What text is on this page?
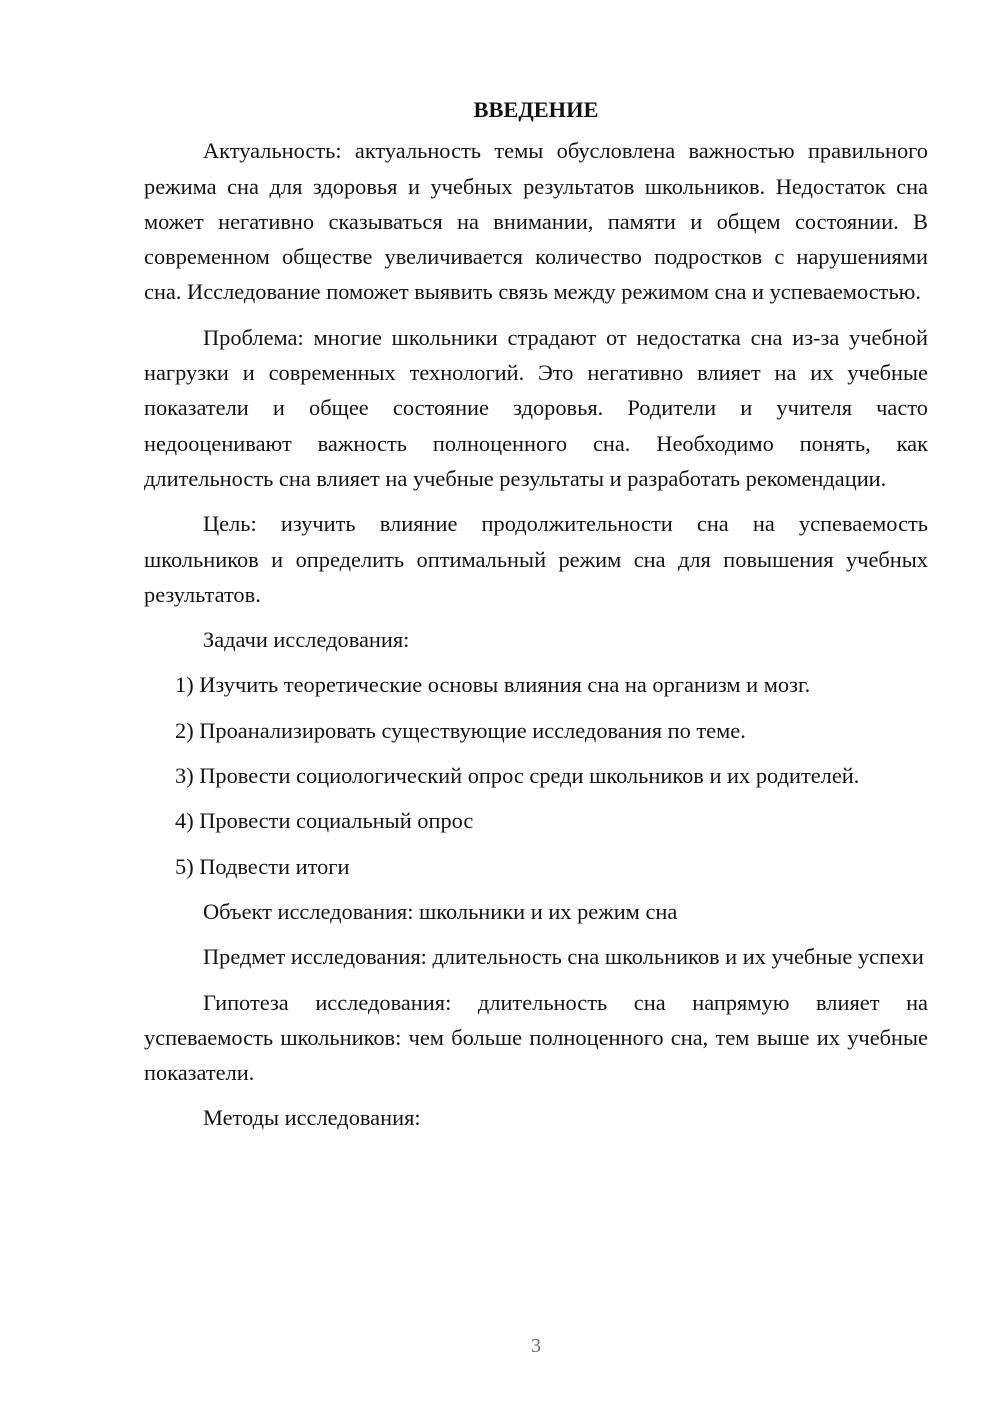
ВВЕДЕНИЕ

Актуальность: актуальность темы обусловлена важностью правильного режима сна для здоровья и учебных результатов школьников. Недостаток сна может негативно сказываться на внимании, памяти и общем состоянии. В современном обществе увеличивается количество подростков с нарушениями сна. Исследование поможет выявить связь между режимом сна и успеваемостью.

Проблема: многие школьники страдают от недостатка сна из-за учебной нагрузки и современных технологий. Это негативно влияет на их учебные показатели и общее состояние здоровья. Родители и учителя часто недооценивают важность полноценного сна. Необходимо понять, как длительность сна влияет на учебные результаты и разработать рекомендации.

Цель: изучить влияние продолжительности сна на успеваемость школьников и определить оптимальный режим сна для повышения учебных результатов.

Задачи исследования:

1) Изучить теоретические основы влияния сна на организм и мозг.

2) Проанализировать существующие исследования по теме.

3) Провести социологический опрос среди школьников и их родителей.

4) Провести социальный опрос

5) Подвести итоги

Объект исследования: школьники и их режим сна

Предмет исследования: длительность сна школьников и их учебные успехи

Гипотеза исследования: длительность сна напрямую влияет на успеваемость школьников: чем больше полноценного сна, тем выше их учебные показатели.

Методы исследования:

3
